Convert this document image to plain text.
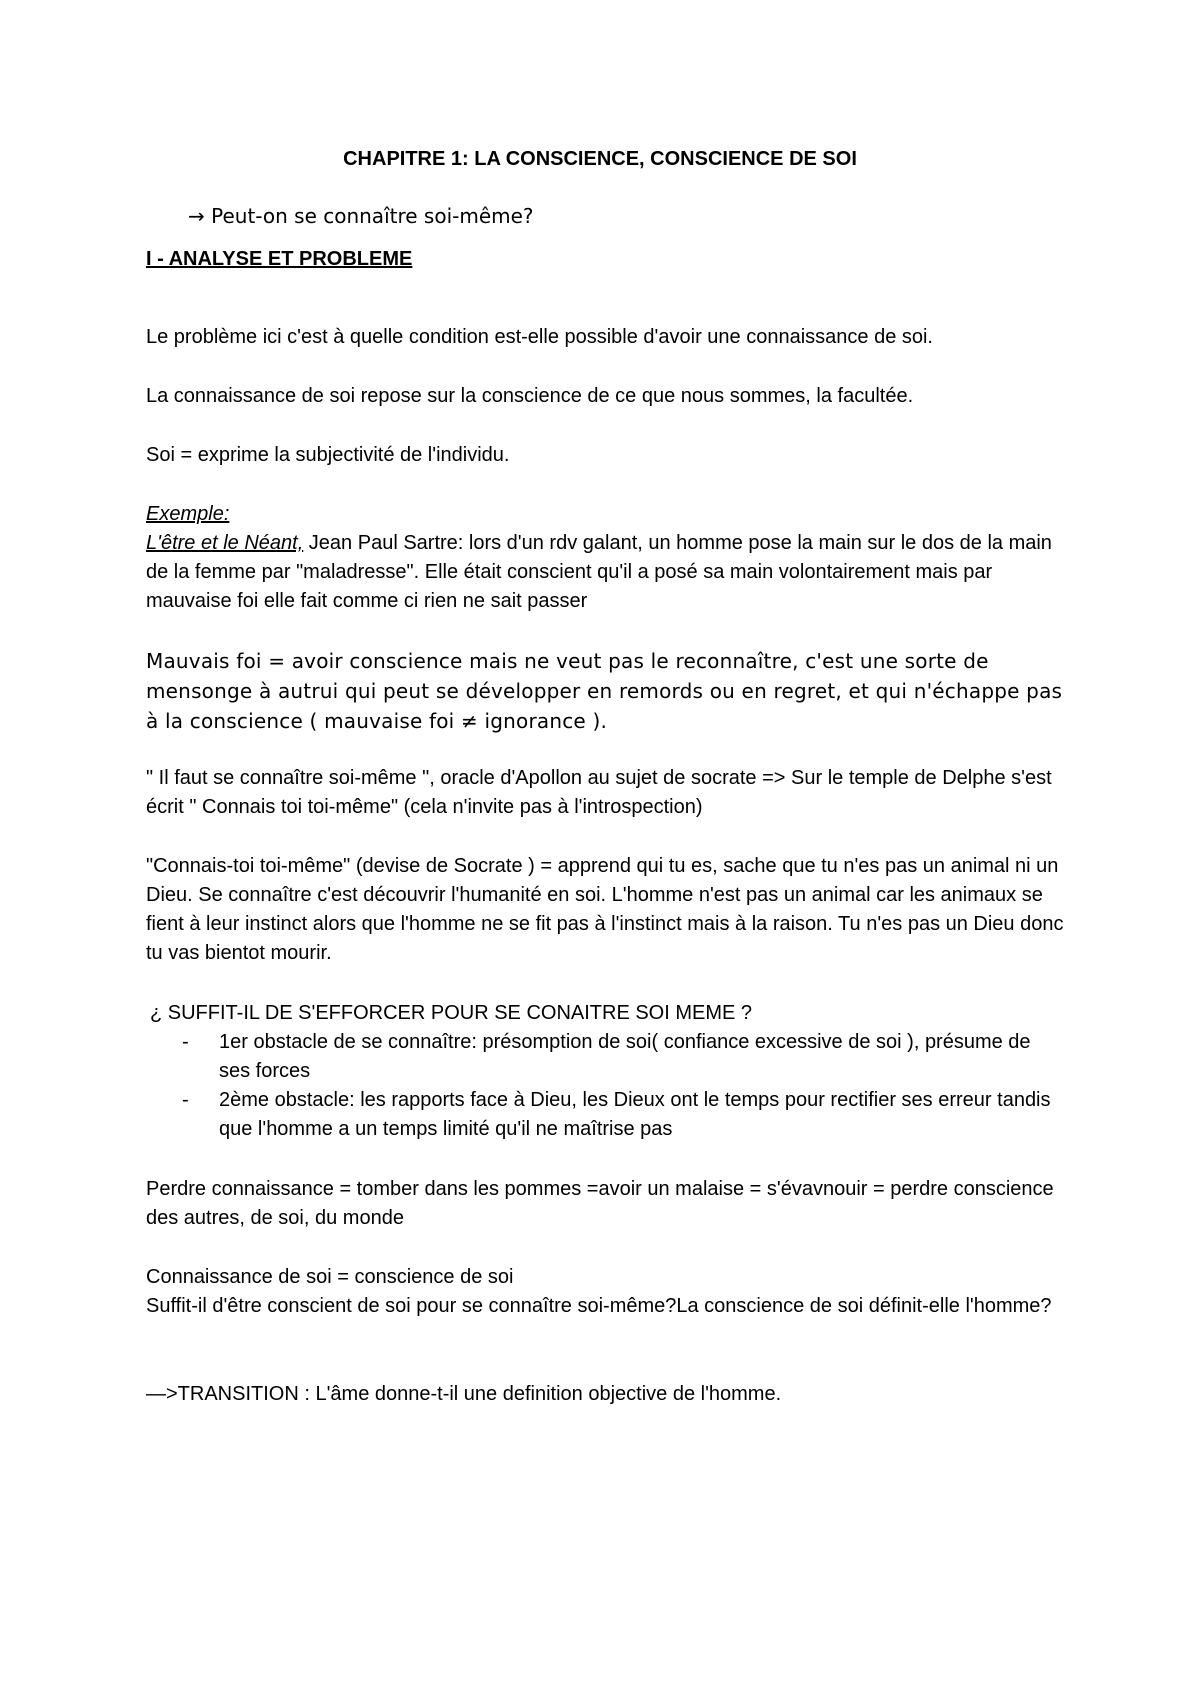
CHAPITRE 1: LA CONSCIENCE, CONSCIENCE DE SOI
→ Peut-on se connaître soi-même?

I - ANALYSE ET PROBLEME

Le problème ici c'est à quelle condition est-elle possible d'avoir une connaissance de soi.

La connaissance de soi repose sur la conscience de ce que nous sommes, la facultée.

Soi = exprime la subjectivité de l'individu.

Exemple:
L'être et le Néant, Jean Paul Sartre: lors d'un rdv galant, un homme pose la main sur le dos de la main de la femme par "maladresse". Elle était conscient qu'il a posé sa main volontairement mais par mauvaise foi elle fait comme ci rien ne sait passer

Mauvais foi = avoir conscience mais ne veut pas le reconnaître, c'est une sorte de mensonge à autrui qui peut se développer en remords ou en regret, et qui n'échappe pas à la conscience ( mauvaise foi ≠ ignorance ).

" Il faut se connaître soi-même ", oracle d'Apollon au sujet de socrate => Sur le temple de Delphe s'est écrit " Connais toi toi-même" (cela n'invite pas à l'introspection)

"Connais-toi toi-même" (devise de Socrate ) = apprend qui tu es, sache que tu n'es pas un animal ni un Dieu. Se connaître c'est découvrir l'humanité en soi. L'homme n'est pas un animal car les animaux se fient à leur instinct alors que l'homme ne se fit pas à l'instinct mais à la raison. Tu n'es pas un Dieu donc tu vas bientot mourir.

¿ SUFFIT-IL DE S'EFFORCER POUR SE CONAITRE SOI MEME ?

- 1er obstacle de se connaître: présomption de soi( confiance excessive de soi ), présume de ses forces
- 2ème obstacle: les rapports face à Dieu, les Dieux ont le temps pour rectifier ses erreur tandis que l'homme a un temps limité qu'il ne maîtrise pas

Perdre connaissance = tomber dans les pommes =avoir un malaise = s'évavnouir = perdre conscience des autres, de soi, du monde

Connaissance de soi = conscience de soi

Suffit-il d'être conscient de soi pour se connaître soi-même?La conscience de soi définit-elle l'homme?

—>TRANSITION : L'âme donne-t-il une definition objective de l'homme.
